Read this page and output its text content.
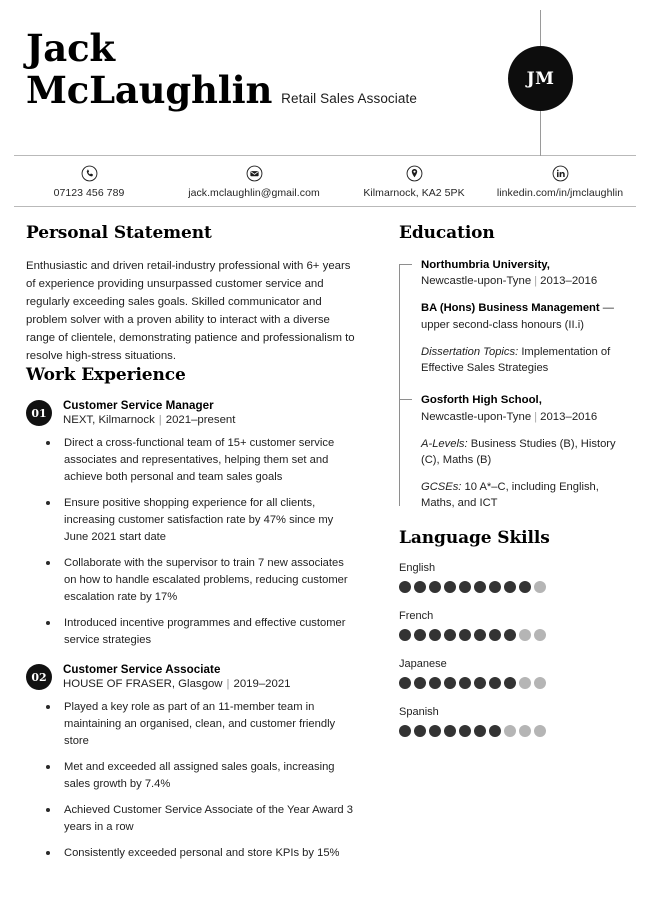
Jack
McLaughlin Retail Sales Associate
JM
07123 456 789	jack.mclaughlin@gmail.com	Kilmarnock, KA2 5PK	linkedin.com/in/jmclaughlin
Personal Statement

Enthusiastic and driven retail-industry professional with 6+ years of experience providing unsurpassed customer service and regularly exceeding sales goals. Skilled communicator and problem solver with a proven ability to interact with a diverse range of clientele, demonstrating patience and professionalism to resolve high-stress situations.

Work Experience
01
Customer Service Manager
NEXT, Kilmarnock | 2021–present
Direct a cross-functional team of 15+ customer service associates and representatives, helping them set and achieve both personal and team sales goals
Ensure positive shopping experience for all clients, increasing customer satisfaction rate by 47% since my June 2021 start date
Collaborate with the supervisor to train 7 new associates on how to handle escalated problems, reducing customer escalation rate by 17%
Introduced incentive programmes and effective customer service strategies
02
Customer Service Associate
HOUSE OF FRASER, Glasgow | 2019–2021
Played a key role as part of an 11-member team in maintaining an organised, clean, and customer friendly store
Met and exceeded all assigned sales goals, increasing sales growth by 7.4%
Achieved Customer Service Associate of the Year Award 3 years in a row
Consistently exceeded personal and store KPIs by 15%
Education
Northumbria University,
Newcastle-upon-Tyne | 2013–2016
BA (Hons) Business Management — upper second-class honours (II.i)
Dissertation Topics: Implementation of Effective Sales Strategies
Gosforth High School,
Newcastle-upon-Tyne | 2013–2016
A-Levels: Business Studies (B), History (C), Maths (B)
GCSEs: 10 A*–C, including English, Maths, and ICT
Language Skills
English
French
Japanese
Spanish
